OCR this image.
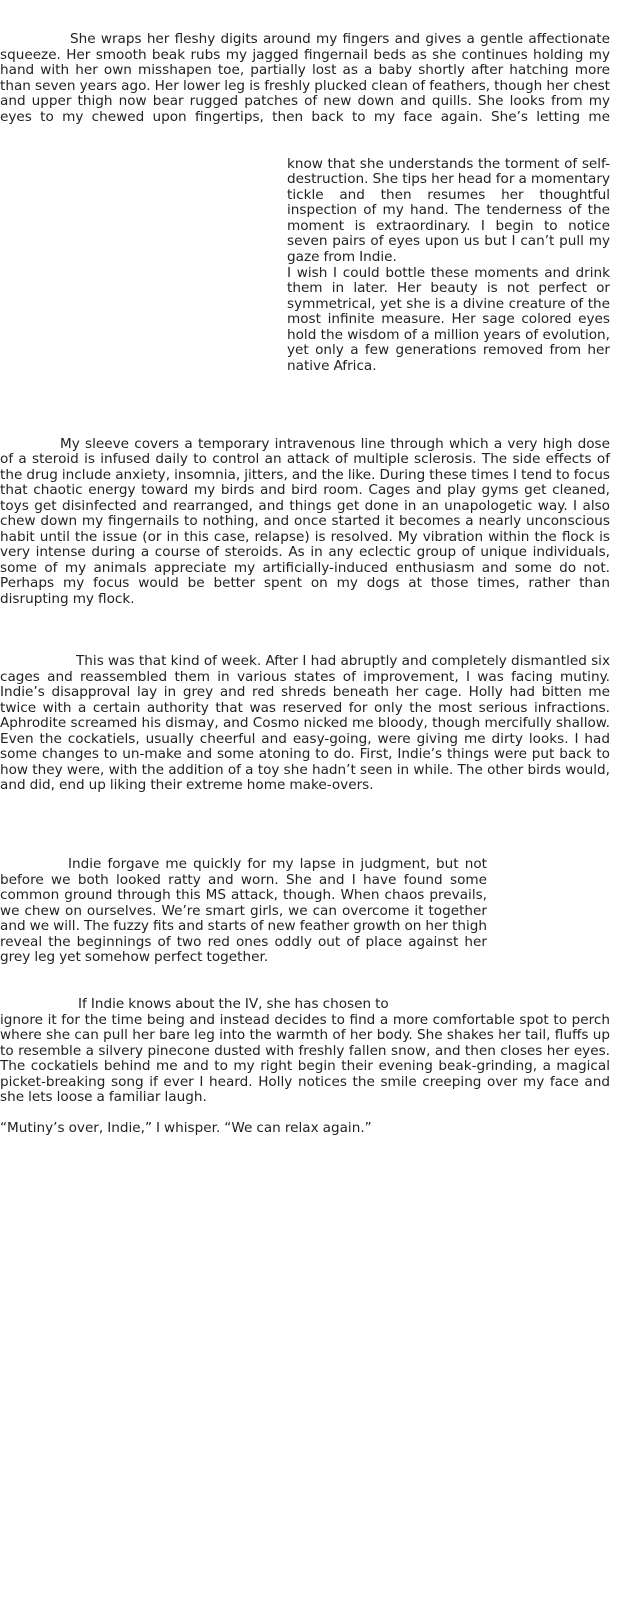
She wraps her fleshy digits around my fingers and gives a gentle affectionate squeeze. Her smooth beak rubs my jagged fingernail beds as she continues holding my hand with her own misshapen toe, partially lost as a baby shortly after hatching more than seven years ago. Her lower leg is freshly plucked clean of feathers, though her chest and upper thigh now bear rugged patches of new down and quills. She looks from my eyes to my chewed upon fingertips, then back to my face again. She’s letting me

know that she understands the torment of self-destruction. She tips her head for a momentary tickle and then resumes her thoughtful inspection of my hand. The tenderness of the moment is extraordinary. I begin to notice seven pairs of eyes upon us but I can’t pull my gaze from Indie.

I wish I could bottle these moments and drink them in later. Her beauty is not perfect or symmetrical, yet she is a divine creature of the most infinite measure. Her sage colored eyes hold the wisdom of a million years of evolution, yet only a few generations removed from her native Africa.

My sleeve covers a temporary intravenous line through which a very high dose of a steroid is infused daily to control an attack of multiple sclerosis. The side effects of the drug include anxiety, insomnia, jitters, and the like. During these times I tend to focus that chaotic energy toward my birds and bird room. Cages and play gyms get cleaned, toys get disinfected and rearranged, and things get done in an unapologetic way. I also chew down my fingernails to nothing, and once started it becomes a nearly unconscious habit until the issue (or in this case, relapse) is resolved. My vibration within the flock is very intense during a course of steroids. As in any eclectic group of unique individuals, some of my animals appreciate my artificially-induced enthusiasm and some do not. Perhaps my focus would be better spent on my dogs at those times, rather than disrupting my flock.

This was that kind of week. After I had abruptly and completely dismantled six cages and reassembled them in various states of improvement, I was facing mutiny. Indie’s disapproval lay in grey and red shreds beneath her cage. Holly had bitten me twice with a certain authority that was reserved for only the most serious infractions. Aphrodite screamed his dismay, and Cosmo nicked me bloody, though mercifully shallow. Even the cockatiels, usually cheerful and easy-going, were giving me dirty looks. I had some changes to un-make and some atoning to do. First, Indie’s things were put back to how they were, with the addition of a toy she hadn’t seen in while. The other birds would, and did, end up liking their extreme home make-overs.

Indie forgave me quickly for my lapse in judgment, but not before we both looked ratty and worn. She and I have found some common ground through this MS attack, though. When chaos prevails, we chew on ourselves. We’re smart girls, we can overcome it together and we will. The fuzzy fits and starts of new feather growth on her thigh reveal the beginnings of two red ones oddly out of place against her grey leg yet somehow perfect together.

If Indie knows about the IV, she has chosen to

ignore it for the time being and instead decides to find a more comfortable spot to perch where she can pull her bare leg into the warmth of her body. She shakes her tail, fluffs up to resemble a silvery pinecone dusted with freshly fallen snow, and then closes her eyes. The cockatiels behind me and to my right begin their evening beak-grinding, a magical picket-breaking song if ever I heard. Holly notices the smile creeping over my face and she lets loose a familiar laugh.

“Mutiny’s over, Indie,” I whisper. “We can relax again.”
